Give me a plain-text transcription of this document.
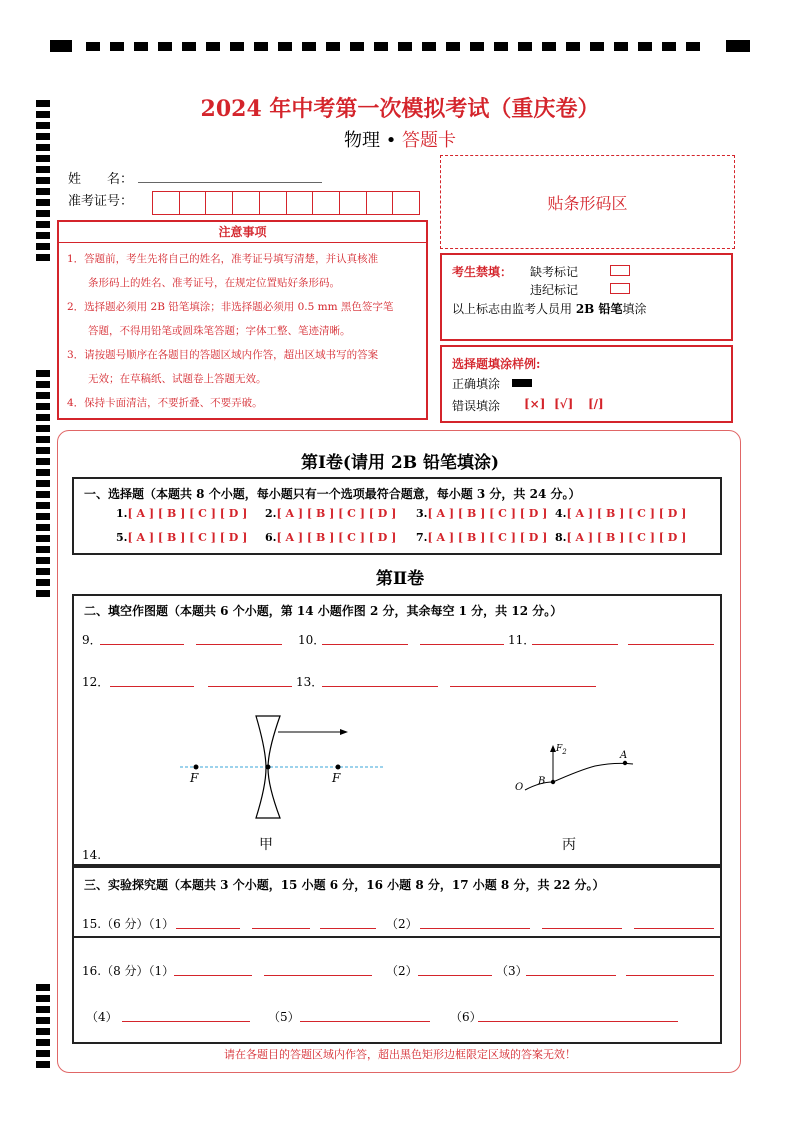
2024 年中考第一次模拟考试（重庆卷）
物理 • 答题卡
姓　　名：
准考证号：	贴条形码区
注意事项
1．答题前，考生先将自己的姓名，准考证号填写清楚，并认真核准
　　条形码上的姓名、准考证号，在规定位置贴好条形码。
2．选择题必须用 2B 铅笔填涂；非选择题必须用 0.5 mm 黑色签字笔
　　答题，不得用铅笔或圆珠笔答题；字体工整、笔迹清晰。
3．请按题号顺序在各题目的答题区域内作答，超出区域书写的答案
　　无效；在草稿纸、试题卷上答题无效。
4．保持卡面清洁，不要折叠、不要弄破。
考生禁填： 缺考标记
违纪标记
以上标志由监考人员用 2B 铅笔填涂
选择题填涂样例:
正确填涂
错误填涂 [×] [√] [/]
第Ⅰ卷(请用 2B 铅笔填涂)
一、选择题（本题共 8 个小题，每小题只有一个选项最符合题意，每小题 3 分，共 24 分。）
1.[ A ] [ B ] [ C ] [ D ] 2.[ A ] [ B ] [ C ] [ D ] 3.[ A ] [ B ] [ C ] [ D ] 4.[ A ] [ B ] [ C ] [ D ]
5.[ A ] [ B ] [ C ] [ D ] 6.[ A ] [ B ] [ C ] [ D ] 7.[ A ] [ B ] [ C ] [ D ] 8.[ A ] [ B ] [ C ] [ D ]
第Ⅱ卷
二、填空作图题（本题共 6 个小题，第 14 小题作图 2 分，其余每空 1 分，共 12 分。）
9．	10．	11．
12．	13．
F	F
甲
O
B
A
$F_2$
丙
14.
三、实验探究题（本题共 3 个小题，15 小题 6 分，16 小题 8 分，17 小题 8 分，共 22 分。）
15.（6 分）（1）	（2）
16.（8 分）（1）	（2）	（3）
（4）	（5）	（6）
请在各题目的答题区域内作答，超出黑色矩形边框限定区域的答案无效！
